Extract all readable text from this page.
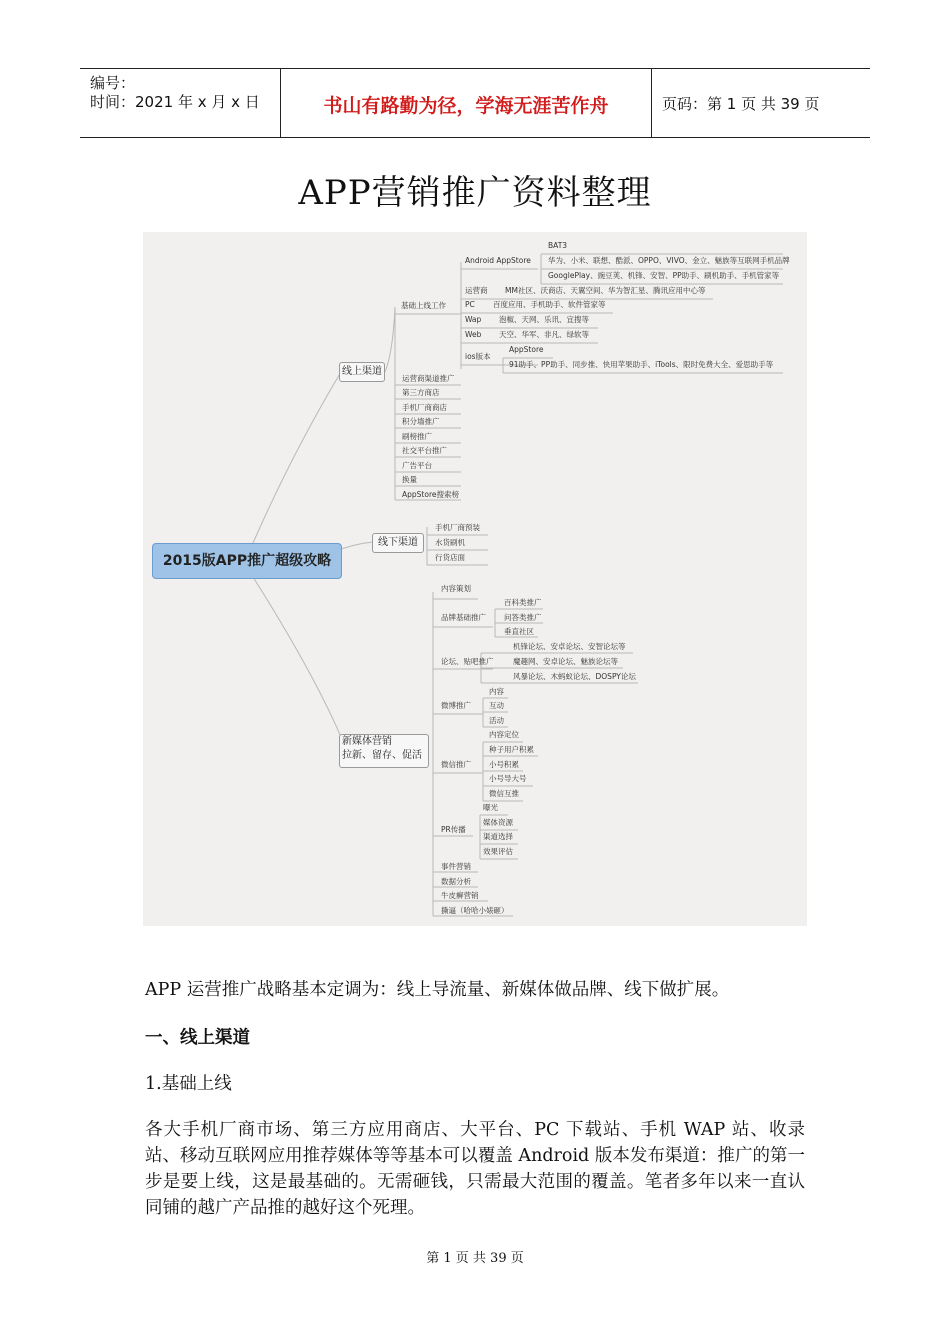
编号：
时间：2021 年 x 月 x 日	书山有路勤为径，学海无涯苦作舟	页码：第 1 页 共 39 页
APP营销推广资料整理
2015版APP推广超级攻略
线上渠道
基础上线工作
Android AppStore
BAT3
华为、小米、联想、酷派、OPPO、VIVO、金立、魅族等互联网手机品牌
GooglePlay、豌豆荚、机锋、安智、PP助手、刷机助手、手机管家等
运营商 MM社区、沃商店、天翼空间、华为智汇星、腾讯应用中心等
PC 百度应用、手机助手、软件管家等
Wap 泡椒、天网、乐讯、宜搜等
Web 天空、华军、非凡、绿软等
ios版本
AppStore
91助手、PP助手、同步推、快用苹果助手、iTools、限时免费大全、爱思助手等
运营商渠道推广
第三方商店
手机厂商商店
积分墙推广
刷榜推广
社交平台推广
广告平台
换量
AppStore搜索榜
线下渠道
手机厂商预装
水货刷机
行货店面
新媒体营销
拉新、留存、促活
内容策划
品牌基础推广
百科类推广
问答类推广
垂直社区
论坛、贴吧推广
机锋论坛、安卓论坛、安智论坛等
魔趣网、安卓论坛、魅族论坛等
风暴论坛、木蚂蚁论坛、DOSPY论坛
微博推广
内容
互动
活动
微信推广
内容定位
种子用户积累
小号积累
小号导大号
微信互推
PR传播
曝光
媒体资源
渠道选择
效果评估
事件营销
数据分析
牛皮癣营销
撕逼（哈哈小婊砸）
APP 运营推广战略基本定调为：线上导流量、新媒体做品牌、线下做扩展。
一、线上渠道
1.基础上线
各大手机厂商市场、第三方应用商店、大平台、PC 下载站、手机 WAP 站、收录站、移动互联网应用推荐媒体等等基本可以覆盖 Android 版本发布渠道：推广的第一步是要上线，这是最基础的。无需砸钱，只需最大范围的覆盖。笔者多年以来一直认同铺的越广产品推的越好这个死理。
第 1 页 共 39 页
